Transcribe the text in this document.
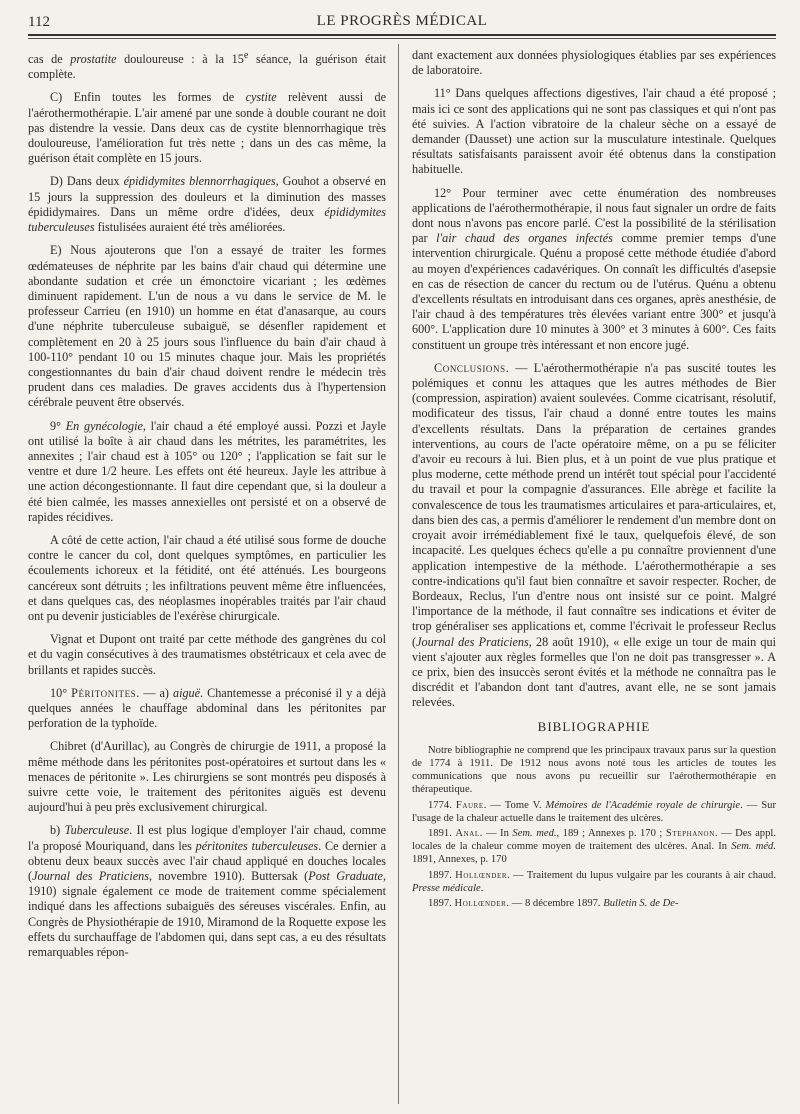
112	LE PROGRÈS MÉDICAL

cas de prostatite douloureuse : à la 15e séance, la guérison était complète.

C) Enfin toutes les formes de cystite relèvent aussi de l'aérothermothérapie. L'air amené par une sonde à double courant ne doit pas distendre la vessie. Dans deux cas de cystite blennorrhagique très douloureuse, l'amélioration fut très nette ; dans un des cas même, la guérison était complète en 15 jours.

D) Dans deux épididymites blennorrhagiques, Gouhot a observé en 15 jours la suppression des douleurs et la diminution des masses épididymaires. Dans un même ordre d'idées, deux épididymites tuberculeuses fistulisées auraient été très améliorées.

E) Nous ajouterons que l'on a essayé de traiter les formes œdémateuses de néphrite par les bains d'air chaud qui détermine une abondante sudation et crée un émonctoire vicariant ; les œdèmes diminuent rapidement. L'un de nous a vu dans le service de M. le professeur Carrieu (en 1910) un homme en état d'anasarque, au cours d'une néphrite tuberculeuse subaiguë, se désenfler rapidement et complètement en 20 à 25 jours sous l'influence du bain d'air chaud à 100-110° pendant 10 ou 15 minutes chaque jour. Mais les propriétés congestionnantes du bain d'air chaud doivent rendre le médecin très prudent dans ces maladies. De graves accidents dus à l'hypertension cérébrale peuvent être observés.

9° En gynécologie, l'air chaud a été employé aussi. Pozzi et Jayle ont utilisé la boîte à air chaud dans les métrites, les paramétrites, les annexites ; l'air chaud est à 105° ou 120° ; l'application se fait sur le ventre et dure 1/2 heure. Les effets ont été heureux. Jayle les attribue à une action décongestionnante. Il faut dire cependant que, si la douleur a été bien calmée, les masses annexielles ont persisté et on a observé de rapides récidives.

A côté de cette action, l'air chaud a été utilisé sous forme de douche contre le cancer du col, dont quelques symptômes, en particulier les écoulements ichoreux et la fétidité, ont été atténués. Les bourgeons cancéreux sont détruits ; les infiltrations peuvent même être influencées, et dans quelques cas, des néoplasmes inopérables traités par l'air chaud ont pu devenir justiciables de l'exérèse chirurgicale.

Vignat et Dupont ont traité par cette méthode des gangrènes du col et du vagin consécutives à des traumatismes obstétricaux et cela avec de brillants et rapides succès.

10° Péritonites. — a) aiguë. Chantemesse a préconisé il y a déjà quelques années le chauffage abdominal dans les péritonites par perforation de la typhoïde.

Chibret (d'Aurillac), au Congrès de chirurgie de 1911, a proposé la même méthode dans les péritonites post-opératoires et surtout dans les « menaces de péritonite ». Les chirurgiens se sont montrés peu disposés à suivre cette voie, le traitement des péritonites aiguës est devenu aujourd'hui à peu près exclusivement chirurgical.

b) Tuberculeuse. Il est plus logique d'employer l'air chaud, comme l'a proposé Mouriquand, dans les péritonites tuberculeuses. Ce dernier a obtenu deux beaux succès avec l'air chaud appliqué en douches locales (Journal des Praticiens, novembre 1910). Buttersak (Post Graduate, 1910) signale également ce mode de traitement comme spécialement indiqué dans les affections subaiguës des séreuses viscérales. Enfin, au Congrès de Physiothérapie de 1910, Miramond de la Roquette expose les effets du surchauffage de l'abdomen qui, dans sept cas, a eu des résultats remarquables répon-

dant exactement aux données physiologiques établies par ses expériences de laboratoire.

11° Dans quelques affections digestives, l'air chaud a été proposé ; mais ici ce sont des applications qui ne sont pas classiques et qui n'ont pas été suivies. A l'action vibratoire de la chaleur sèche on a essayé de demander (Dausset) une action sur la musculature intestinale. Quelques résultats satisfaisants paraissent avoir été obtenus dans la constipation habituelle.

12° Pour terminer avec cette énumération des nombreuses applications de l'aérothermothérapie, il nous faut signaler un ordre de faits dont nous n'avons pas encore parlé. C'est la possibilité de la stérilisation par l'air chaud des organes infectés comme premier temps d'une intervention chirurgicale. Quénu a proposé cette méthode étudiée d'abord au moyen d'expériences cadavériques. On connaît les difficultés d'asepsie en cas de résection de cancer du rectum ou de l'utérus. Quénu a obtenu d'excellents résultats en introduisant dans ces organes, après anesthésie, de l'air chaud à des températures très élevées variant entre 300° et jusqu'à 600°. L'application dure 10 minutes à 300° et 3 minutes à 600°. Ces faits constituent un groupe très intéressant et non encore jugé.

Conclusions. — L'aérothermothérapie n'a pas suscité toutes les polémiques et connu les attaques que les autres méthodes de Bier (compression, aspiration) avaient soulevées. Comme cicatrisant, résolutif, modificateur des tissus, l'air chaud a donné entre toutes les mains d'excellents résultats. Dans la préparation de certaines grandes interventions, au cours de l'acte opératoire même, on a pu se féliciter d'avoir eu recours à lui. Bien plus, et à un point de vue plus pratique et plus moderne, cette méthode prend un intérêt tout spécial pour l'accidenté du travail et pour la compagnie d'assurances. Elle abrège et facilite la convalescence de tous les traumatismes articulaires et para-articulaires, et, dans bien des cas, a permis d'améliorer le rendement d'un membre dont on croyait avoir irrémédiablement fixé le taux, quelquefois élevé, de son incapacité. Les quelques échecs qu'elle a pu connaître proviennent d'une application intempestive de la méthode. L'aérothermothérapie a ses contre-indications qu'il faut bien connaître et savoir respecter. Rocher, de Bordeaux, Reclus, l'un d'entre nous ont insisté sur ce point. Malgré l'importance de la méthode, il faut connaître ses indications et éviter de trop généraliser ses applications et, comme l'écrivait le professeur Reclus (Journal des Praticiens, 28 août 1910), « elle exige un tour de main qui vient s'ajouter aux règles formelles que l'on ne doit pas transgresser ». A ce prix, bien des insuccès seront évités et la méthode ne connaîtra pas le discrédit et l'abandon dont tant d'autres, avant elle, ne se sont jamais relevées.

BIBLIOGRAPHIE

Notre bibliographie ne comprend que les principaux travaux parus sur la question de 1774 à 1911. De 1912 nous avons noté tous les articles de toutes les communications que nous avons pu recueillir sur l'aérothermothérapie en thérapeutique.

1774. Faure. — Tome V. Mémoires de l'Académie royale de chirurgie. — Sur l'usage de la chaleur actuelle dans le traitement des ulcères.

1891. Anal. — In Sem. med., 189 ; Annexes p. 170 ; Stephanon. — Des appl. locales de la chaleur comme moyen de traitement des ulcères. Anal. In Sem. méd. 1891, Annexes, p. 170

1897. Hollœnder. — Traitement du lupus vulgaire par les courants à air chaud. Presse médicale.

1897. Hollœnder. — 8 décembre 1897. Bulletin S. de De-
